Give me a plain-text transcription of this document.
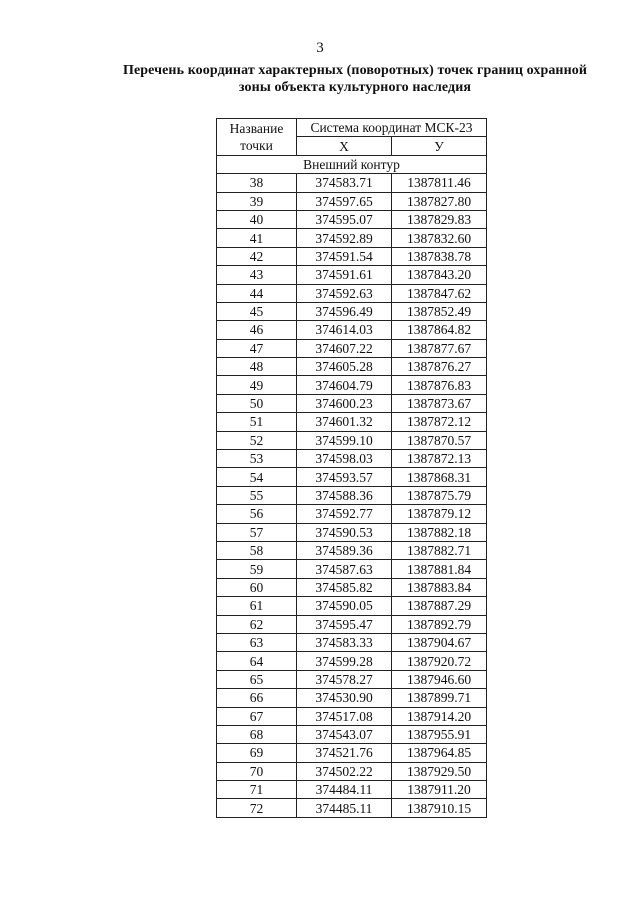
3
Перечень координат характерных (поворотных) точек границ охранной
зоны объекта культурного наследия
Название
точки	Система координат МСК-23	
	X	У
Внешний контур		
38	374583.71	1387811.46
39	374597.65	1387827.80
40	374595.07	1387829.83
41	374592.89	1387832.60
42	374591.54	1387838.78
43	374591.61	1387843.20
44	374592.63	1387847.62
45	374596.49	1387852.49
46	374614.03	1387864.82
47	374607.22	1387877.67
48	374605.28	1387876.27
49	374604.79	1387876.83
50	374600.23	1387873.67
51	374601.32	1387872.12
52	374599.10	1387870.57
53	374598.03	1387872.13
54	374593.57	1387868.31
55	374588.36	1387875.79
56	374592.77	1387879.12
57	374590.53	1387882.18
58	374589.36	1387882.71
59	374587.63	1387881.84
60	374585.82	1387883.84
61	374590.05	1387887.29
62	374595.47	1387892.79
63	374583.33	1387904.67
64	374599.28	1387920.72
65	374578.27	1387946.60
66	374530.90	1387899.71
67	374517.08	1387914.20
68	374543.07	1387955.91
69	374521.76	1387964.85
70	374502.22	1387929.50
71	374484.11	1387911.20
72	374485.11	1387910.15
